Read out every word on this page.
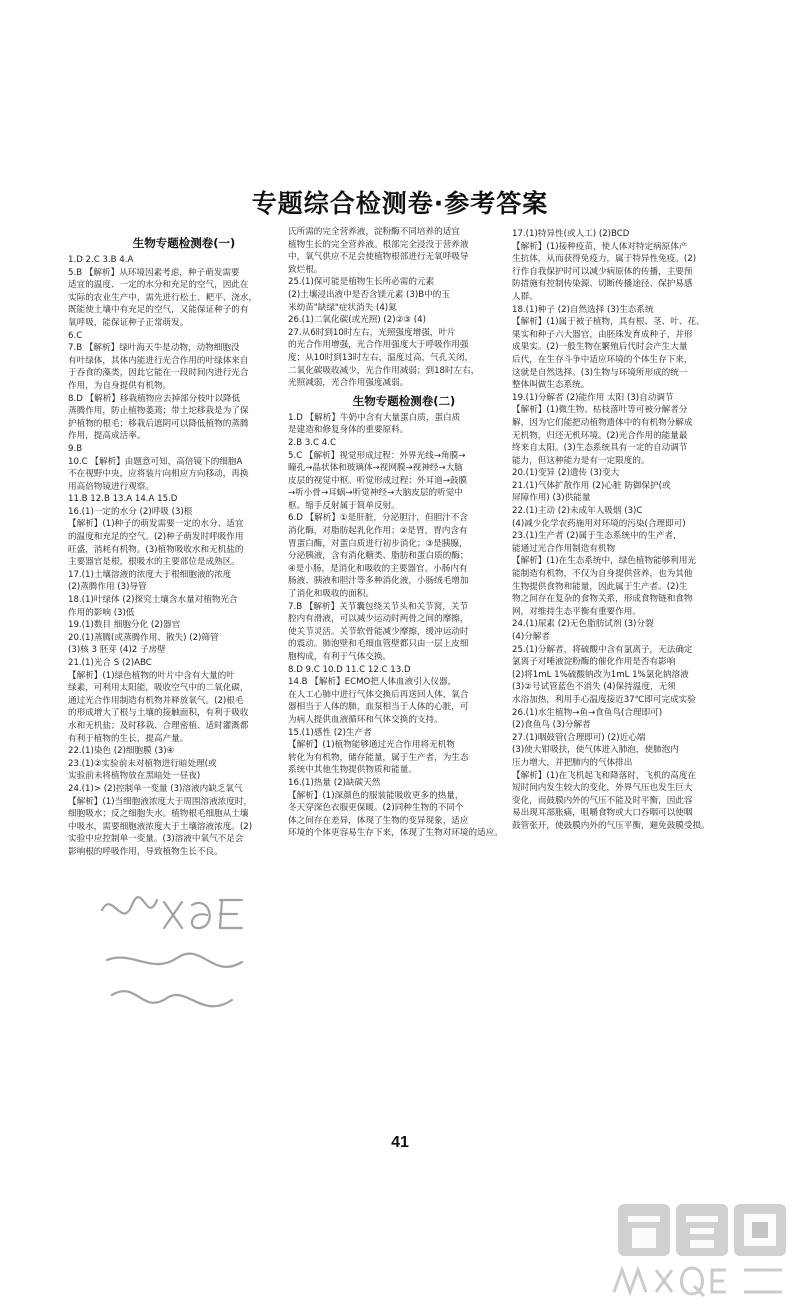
专题综合检测卷·参考答案
生物专题检测卷(一)
1.D 2.C 3.B 4.A
5.B 【解析】从环境因素考虑，种子萌发需要
适宜的温度、一定的水分和充足的空气，因此在
实际的农业生产中，需先进行松土、耙平、浇水，
既能使土壤中有充足的空气，又能保证种子的有
氧呼吸，能保证种子正常萌发。
6.C
7.B 【解析】绿叶海天牛是动物，动物细胞没
有叶绿体，其体内能进行光合作用的叶绿体来自
于吞食的藻类，因此它能在一段时间内进行光合
作用，为自身提供有机物。
8.D 【解析】移栽植物应去掉部分枝叶以降低
蒸腾作用，防止植物萎蔫；带土坨移栽是为了保
护植物的根毛；移栽后遮阴可以降低植物的蒸腾
作用，提高成活率。
9.B
10.C 【解析】由题意可知，高倍镜下的细胞A
不在视野中央，应将装片向相应方向移动，再换
用高倍物镜进行观察。
11.B 12.B 13.A 14.A 15.D
16.(1)一定的水分 (2)呼吸 (3)根
【解析】(1)种子的萌发需要一定的水分、适宜
的温度和充足的空气。(2)种子萌发时呼吸作用
旺盛，消耗有机物。(3)植物吸收水和无机盐的
主要器官是根，根吸水的主要部位是成熟区。
17.(1)土壤溶液的浓度大于根细胞液的浓度
(2)蒸腾作用 (3)导管
18.(1)叶绿体 (2)探究土壤含水量对植物光合
作用的影响 (3)低
19.(1)数目 细胞分化 (2)器官
20.(1)蒸腾(或蒸腾作用、散失) (2)筛管
(3)核 3 胚芽 (4)2 子房壁
21.(1)光合 S (2)ABC
【解析】(1)绿色植物的叶片中含有大量的叶
绿素，可利用太阳能，吸收空气中的二氧化碳，
通过光合作用制造有机物并释放氧气。(2)根毛
的形成增大了根与土壤的接触面积，有利于吸收
水和无机盐；及时移栽、合理密植、适时灌溉都
有利于植物的生长，提高产量。
22.(1)染色 (2)细胞膜 (3)④
23.(1)②实验前未对植物进行暗处理(或
实验前未将植物放在黑暗处一昼夜)
24.(1)> (2)控制单一变量 (3)溶液内缺乏氧气
【解析】(1)当细胞液浓度大于周围溶液浓度时，
细胞吸水；反之细胞失水。植物根毛细胞从土壤
中吸水，需要细胞液浓度大于土壤溶液浓度。(2)
实验中应控制单一变量。(3)溶液中氧气不足会
影响根的呼吸作用，导致植物生长不良。
氏所需的完全营养液，淀粉酶不同培养的适宜
植物生长的完全营养液。根部完全浸没于营养液
中，氧气供应不足会使植物根部进行无氧呼吸导
致烂根。
25.(1)保可能是植物生长所必需的元素
(2)土壤浸出液中是否含镁元素 (3)B中的玉
米幼苗"缺绿"症状消失 (4)氮
26.(1)二氧化碳(或光照) (2)②③ (4)
27.从6时到10时左右，光照强度增强，叶片
的光合作用增强，光合作用强度大于呼吸作用强
度；从10时到13时左右，温度过高，气孔关闭，
二氧化碳吸收减少，光合作用减弱；到18时左右，
光照减弱，光合作用强度减弱。
生物专题检测卷(二)
1.D 【解析】牛奶中含有大量蛋白质，蛋白质
是建造和修复身体的重要原料。
2.B 3.C 4.C
5.C 【解析】视觉形成过程：外界光线→角膜→
瞳孔→晶状体和玻璃体→视网膜→视神经→大脑
皮层的视觉中枢。听觉形成过程：外耳道→鼓膜
→听小骨→耳蜗→听觉神经→大脑皮层的听觉中
枢。缩手反射属于简单反射。
6.D 【解析】①是肝脏，分泌胆汁，但胆汁不含
消化酶，对脂肪起乳化作用；②是胃，胃内含有
胃蛋白酶，对蛋白质进行初步消化；③是胰腺，
分泌胰液，含有消化糖类、脂肪和蛋白质的酶；
④是小肠，是消化和吸收的主要器官。小肠内有
肠液、胰液和胆汁等多种消化液，小肠绒毛增加
了消化和吸收的面积。
7.B 【解析】关节囊包绕关节头和关节窝，关节
腔内有滑液，可以减少运动时两骨之间的摩擦，
使关节灵活。关节软骨能减少摩擦，缓冲运动时
的震动。肺泡壁和毛细血管壁都只由一层上皮细
胞构成，有利于气体交换。
8.D 9.C 10.D 11.C 12.C 13.D
14.B 【解析】ECMO把人体血液引入仪器，
在人工心肺中进行气体交换后再送回人体，氧合
器相当于人体的肺，血泵相当于人体的心脏，可
为病人提供血液循环和气体交换的支持。
15.(1)感性 (2)生产者
【解析】(1)植物能够通过光合作用将无机物
转化为有机物，储存能量，属于生产者，为生态
系统中其他生物提供物质和能量。
16.(1)热量 (2)缺碳天然
【解析】(1)深颜色的服装能吸收更多的热量，
冬天穿深色衣服更保暖。(2)同种生物的不同个
体之间存在差异，体现了生物的变异现象，适应
环境的个体更容易生存下来，体现了生物对环境的适应。
17.(1)特异性(或人工) (2)BCD
【解析】(1)接种疫苗，使人体对特定病原体产
生抗体，从而获得免疫力，属于特异性免疫。(2)
行作自我保护时可以减少病原体的传播，主要预
防措施有控制传染源、切断传播途径、保护易感
人群。
18.(1)种子 (2)自然选择 (3)生态系统
【解析】(1)属于被子植物，具有根、茎、叶、花、
果实和种子六大器官，由胚珠发育成种子，并形
成果实。(2)一般生物在繁殖后代时会产生大量
后代，在生存斗争中适应环境的个体生存下来，
这就是自然选择。(3)生物与环境所形成的统一
整体叫做生态系统。
19.(1)分解者 (2)能作用 太阳 (3)自动调节
【解析】(1)微生物、枯枝落叶等可被分解者分
解，因为它们能把动植物遗体中的有机物分解成
无机物，归还无机环境。(2)光合作用的能量最
终来自太阳。(3)生态系统具有一定的自动调节
能力，但这种能力是有一定限度的。
20.(1)变异 (2)遗传 (3)变大
21.(1)气体扩散作用 (2)心脏 防御保护(或
屏障作用) (3)供能量
22.(1)主动 (2)未成年人吸烟 (3)C
(4)减少化学农药施用对环境的污染(合理即可)
23.(1)生产者 (2)属于生态系统中的生产者，
能通过光合作用制造有机物
【解析】(1)在生态系统中，绿色植物能够利用光
能制造有机物，不仅为自身提供营养，也为其他
生物提供食物和能量，因此属于生产者。(2)生
物之间存在复杂的食物关系，形成食物链和食物
网，对维持生态平衡有重要作用。
24.(1)尿素 (2)无色脂肪试剂 (3)分裂
(4)分解者
25.(1)分解者，将硫酸中含有氯离子，无法确定
氯离子对唾液淀粉酶的催化作用是否有影响
(2)将1mL 1%硫酸钠改为1mL 1%氯化钠溶液
(3)②号试管蓝色不消失 (4)保持温度，无须
水浴加热，利用手心温度接近37℃即可完成实验
26.(1)水生植物→鱼→食鱼鸟(合理即可)
(2)食鱼鸟 (3)分解者
27.(1)咽鼓管(合理即可) (2)近心端
(3)使大钳吸扶，使气体进入肺泡，使肺泡内
压力增大，并把肺内的气体排出
【解析】(1)在飞机起飞和降落时，飞机的高度在
短时间内发生较大的变化，外界气压也发生巨大
变化，而鼓膜内外的气压不能及时平衡，因此容
易出现耳部胀痛，咀嚼食物或大口吞咽可以使咽
鼓管张开，使鼓膜内外的气压平衡，避免鼓膜受损。
41
